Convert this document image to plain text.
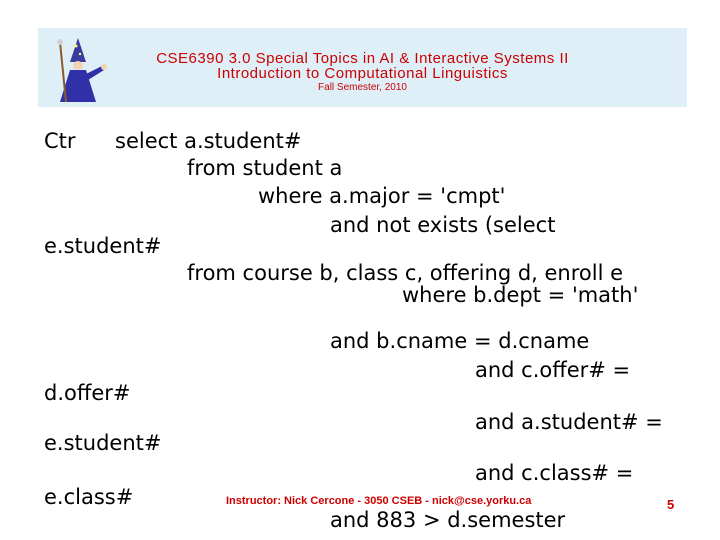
CSE6390 3.0 Special Topics in AI & Interactive Systems II
Introduction to Computational Linguistics
Fall Semester, 2010
Ctr select a.student#
from student a
where a.major = 'cmpt'
and not exists (select
e.student#
from course b, class c, offering d, enroll e
where b.dept = 'math'
and b.cname = d.cname
and c.offer# =
d.offer#
and a.student# =
e.student#
and c.class# =
e.class#
and 883 > d.semester
Instructor: Nick Cercone - 3050 CSEB - nick@cse.yorku.ca	5
